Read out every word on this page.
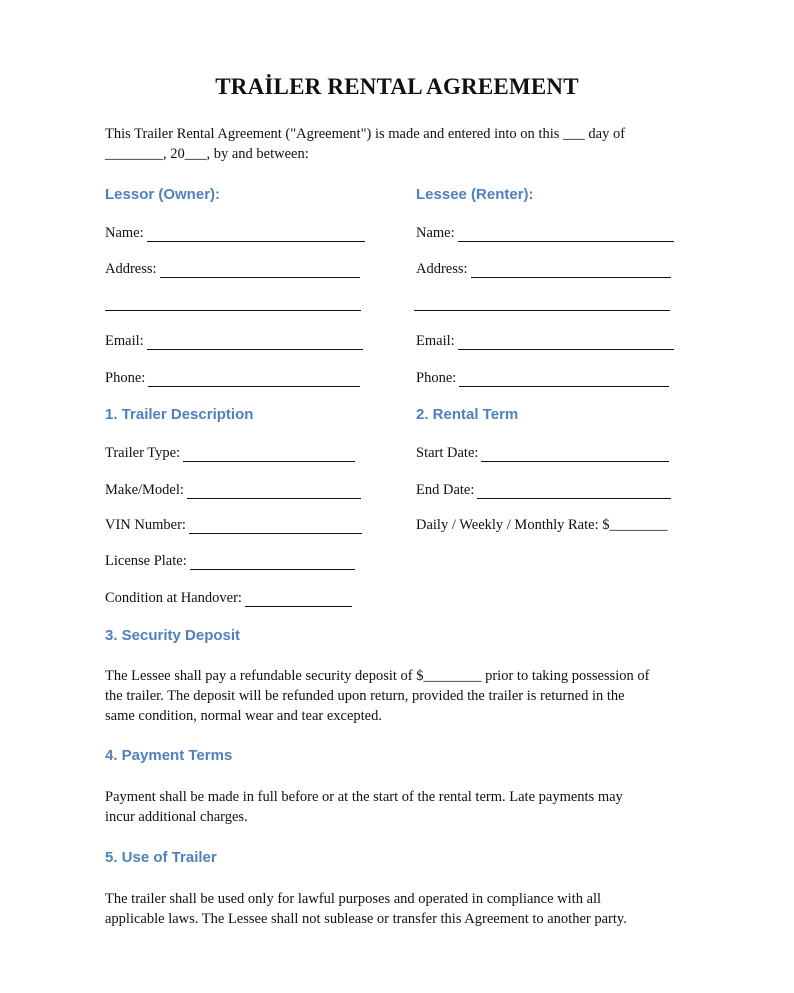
TRAİLER RENTAL AGREEMENT
This Trailer Rental Agreement ("Agreement") is made and entered into on this ___ day of
________, 20___, by and between:
Lessor (Owner):
Name:
Address:
Email:
Phone:
Lessee (Renter):
Name:
Address:
Email:
Phone:
1. Trailer Description
Trailer Type:
Make/Model:
VIN Number:
License Plate:
Condition at Handover:
2. Rental Term
Start Date:
End Date:
Daily / Weekly / Monthly Rate: $________
3. Security Deposit
The Lessee shall pay a refundable security deposit of $________ prior to taking possession of
the trailer. The deposit will be refunded upon return, provided the trailer is returned in the
same condition, normal wear and tear excepted.
4. Payment Terms
Payment shall be made in full before or at the start of the rental term. Late payments may
incur additional charges.
5. Use of Trailer
The trailer shall be used only for lawful purposes and operated in compliance with all
applicable laws. The Lessee shall not sublease or transfer this Agreement to another party.
